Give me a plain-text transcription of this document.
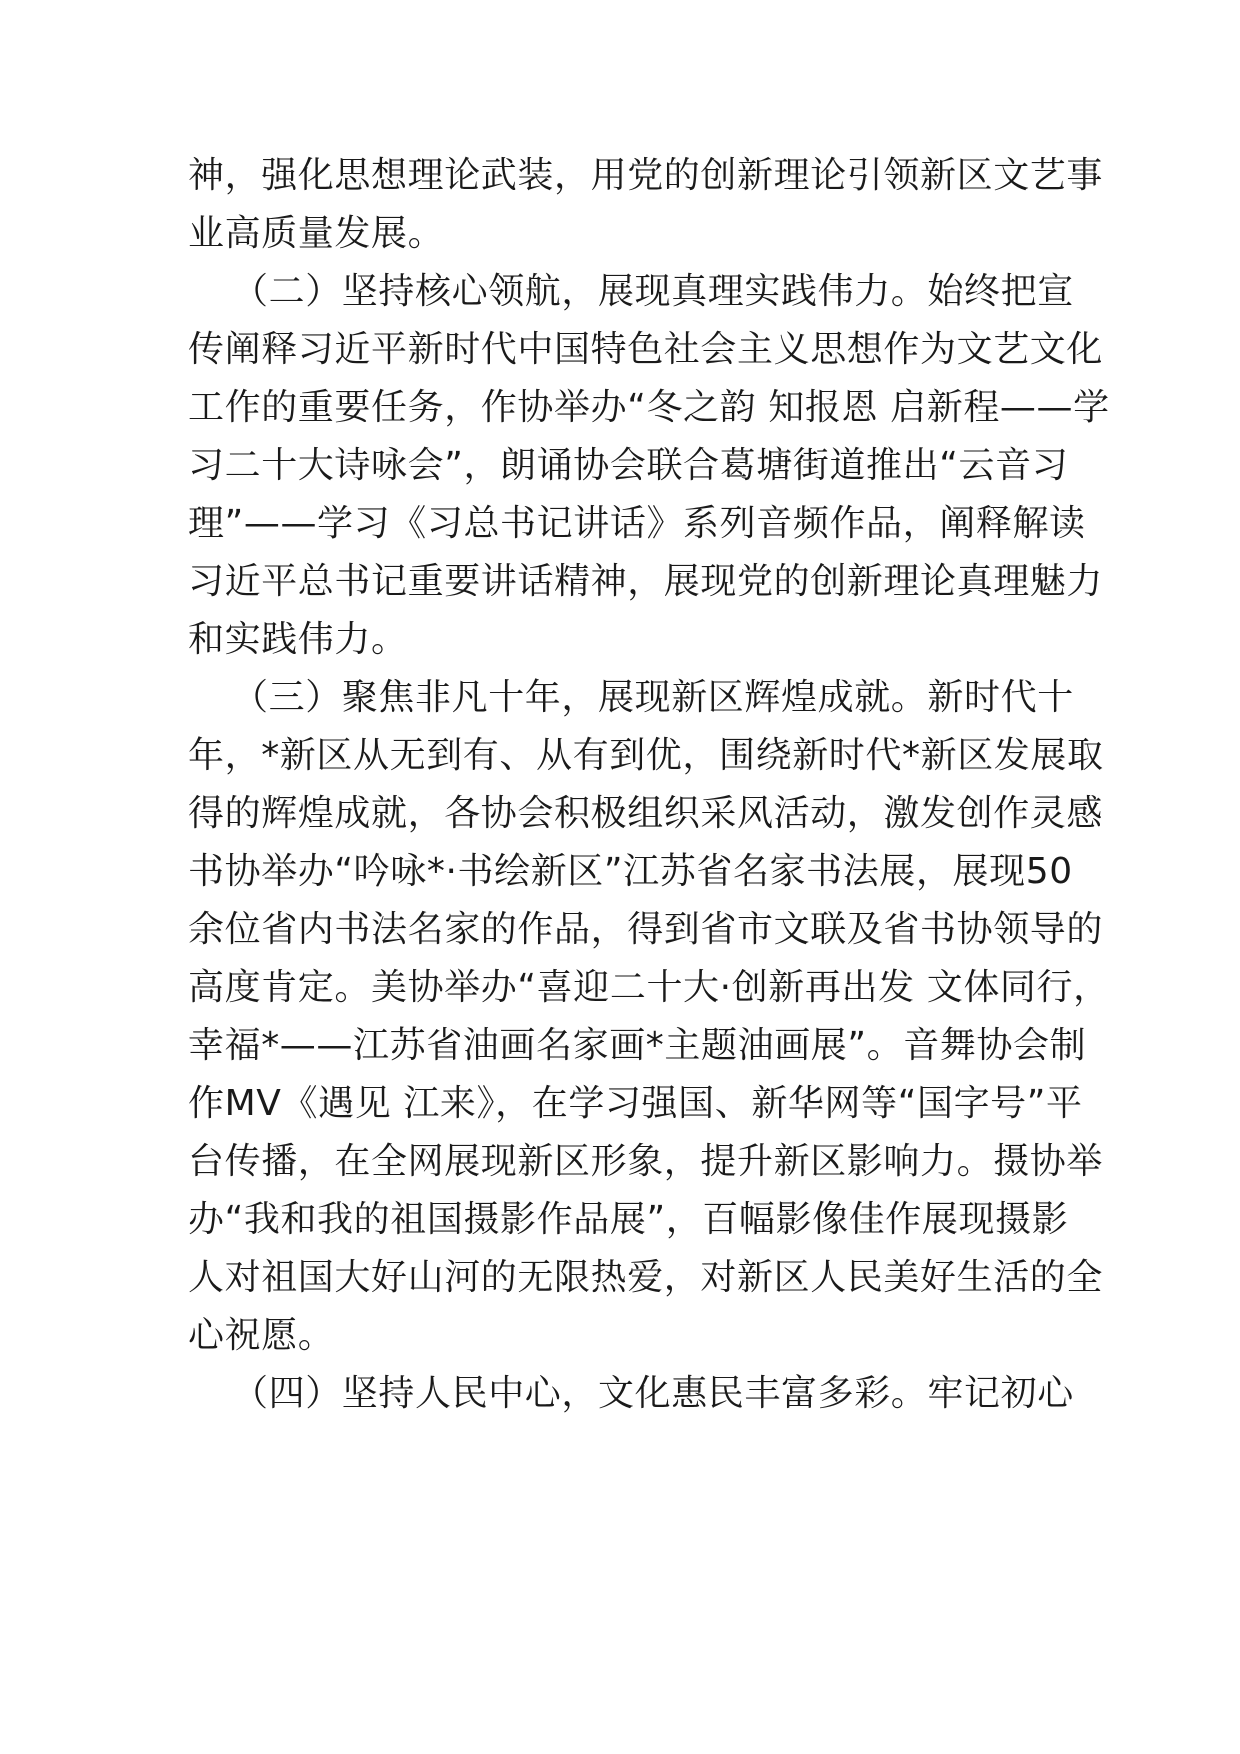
神，强化思想理论武装，用党的创新理论引领新区文艺事
业高质量发展。
（二）坚持核心领航，展现真理实践伟力。始终把宣
传阐释习近平新时代中国特色社会主义思想作为文艺文化
工作的重要任务，作协举办“冬之韵 知报恩 启新程——学
习二十大诗咏会”，朗诵协会联合葛塘街道推出“云音习
理”——学习《习总书记讲话》系列音频作品，阐释解读
习近平总书记重要讲话精神，展现党的创新理论真理魅力
和实践伟力。
（三）聚焦非凡十年，展现新区辉煌成就。新时代十
年，*新区从无到有、从有到优，围绕新时代*新区发展取
得的辉煌成就，各协会积极组织采风活动，激发创作灵感
书协举办“吟咏*·书绘新区”江苏省名家书法展，展现50
余位省内书法名家的作品，得到省市文联及省书协领导的
高度肯定。美协举办“喜迎二十大·创新再出发 文体同行，
幸福*——江苏省油画名家画*主题油画展”。音舞协会制
作MV《遇见 江来》，在学习强国、新华网等“国字号”平
台传播，在全网展现新区形象，提升新区影响力。摄协举
办“我和我的祖国摄影作品展”，百幅影像佳作展现摄影
人对祖国大好山河的无限热爱，对新区人民美好生活的全
心祝愿。
（四）坚持人民中心，文化惠民丰富多彩。牢记初心
